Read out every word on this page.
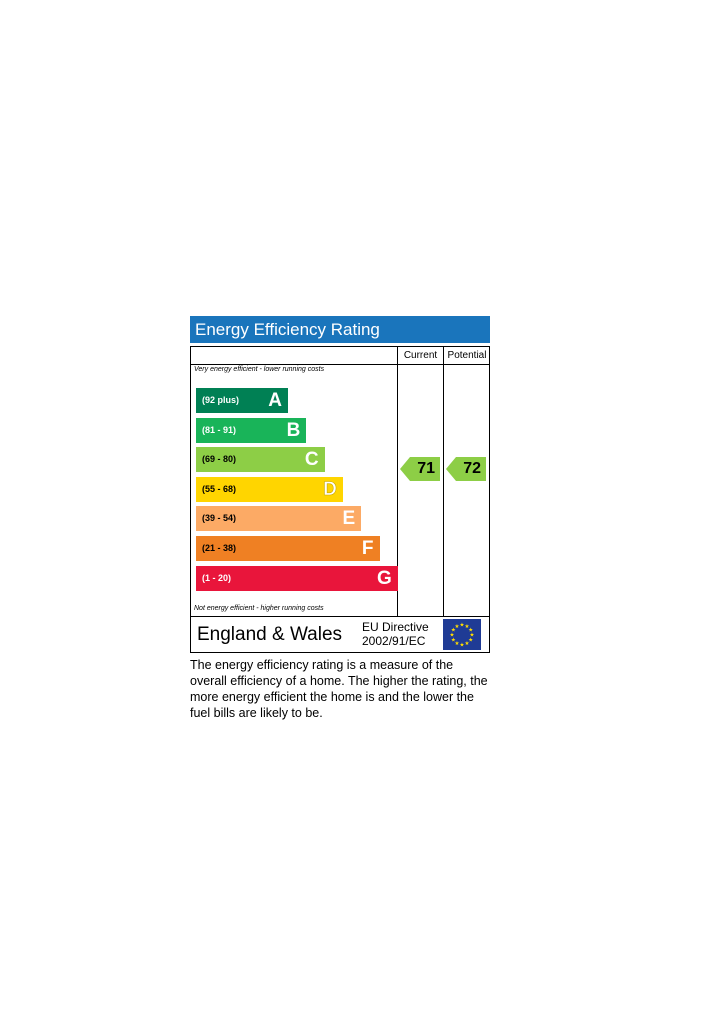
Energy Efficiency Rating
Current	Potential
Very energy efficient - lower running costs
(92 plus) A
(81 - 91)	B
(69 - 80)	C
(55 - 68)	D
(39 - 54)	E
(21 - 38)	F
(1 - 20)	G
71 72
Not energy efficient - higher running costs
England & Wales EU Directive
2002/91/EC
★ ★
★
★
★
★
★
★
★
★
★
★
The energy efficiency rating is a measure of the overall efficiency of a home. The higher the rating, the more energy efficient the home is and the lower the fuel bills are likely to be.
